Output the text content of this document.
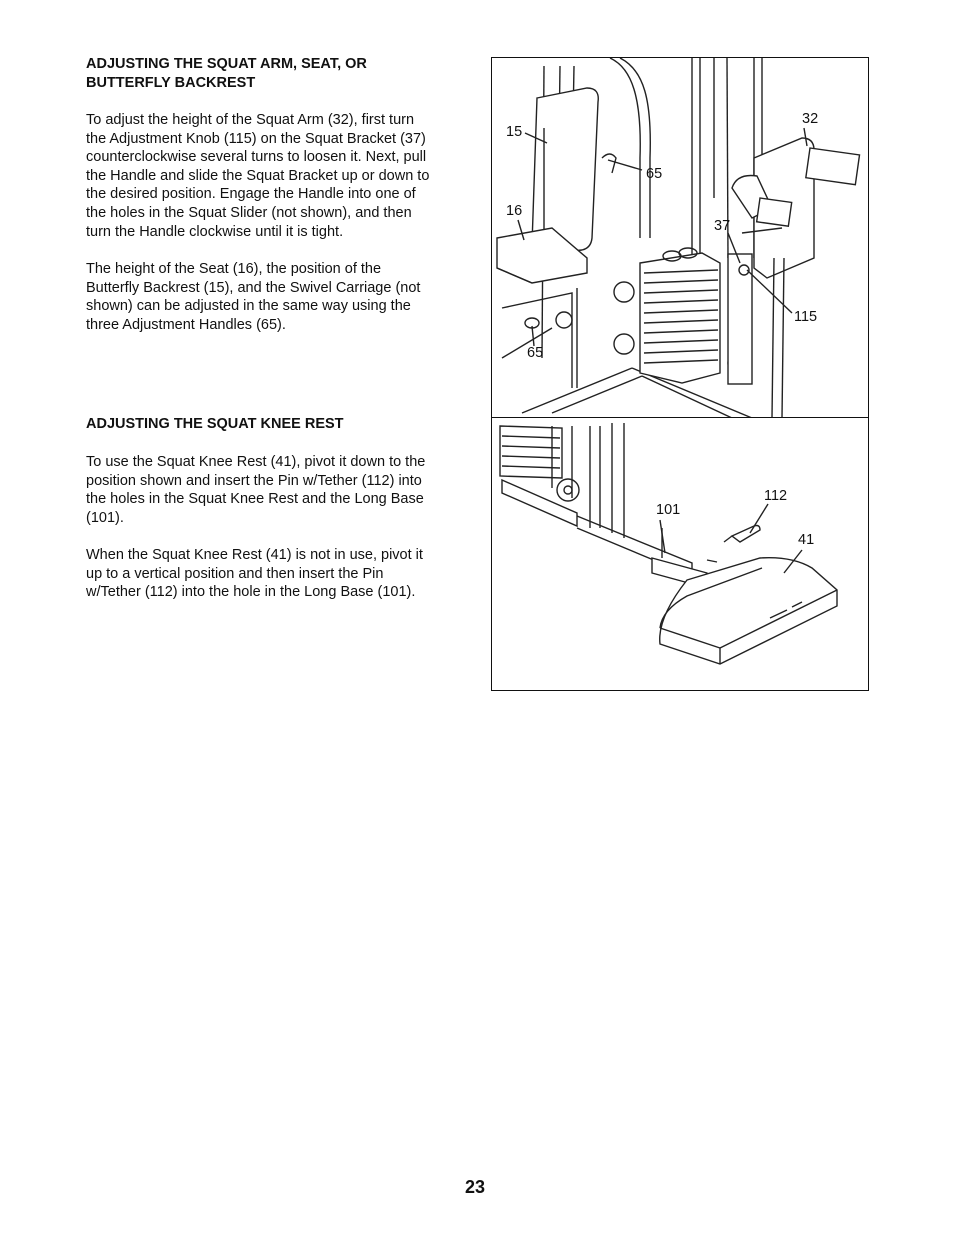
ADJUSTING THE SQUAT ARM, SEAT, OR
BUTTERFLY BACKREST
To adjust the height of the Squat Arm (32), first turn
the Adjustment Knob (115) on the Squat Bracket (37)
counterclockwise several turns to loosen it. Next, pull
the Handle and slide the Squat Bracket up or down to
the desired position. Engage the Handle into one of
the holes in the Squat Slider (not shown), and then
turn the Handle clockwise until it is tight.
The height of the Seat (16), the position of the
Butterfly Backrest (15), and the Swivel Carriage (not
shown) can be adjusted in the same way using the
three Adjustment Handles (65).
ADJUSTING THE SQUAT KNEE REST
To use the Squat Knee Rest (41), pivot it down to the
position shown and insert the Pin w/Tether (112) into
the holes in the Squat Knee Rest and the Long Base
(101).
When the Squat Knee Rest (41) is not in use, pivot it
up to a vertical position and then insert the Pin
w/Tether (112) into the hole in the Long Base (101).
15
16
65
65
32
37
115
101
112
41
23
